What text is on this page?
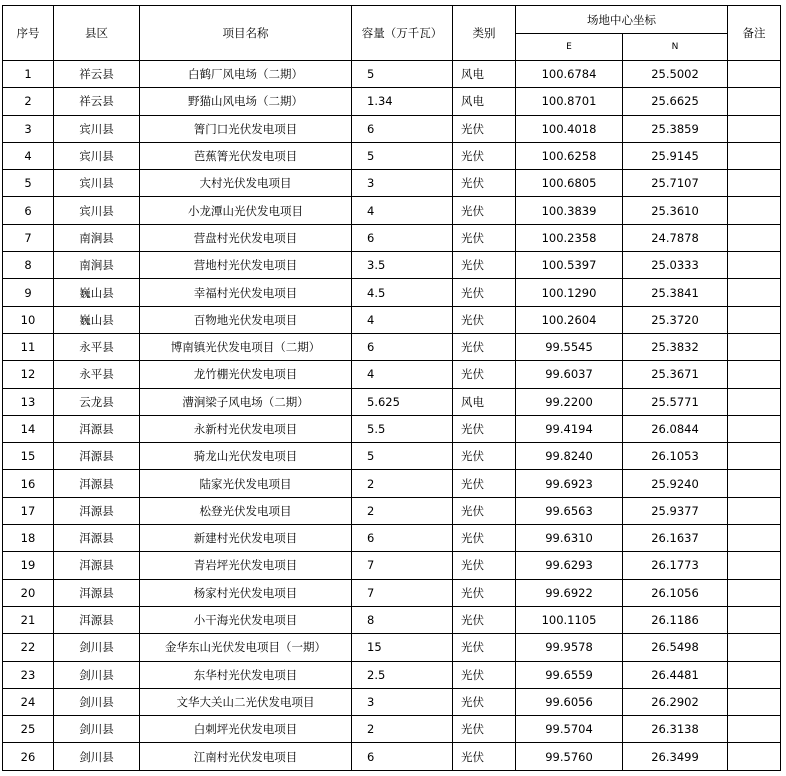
序号	县区	项目名称	容量（万千瓦）	类别	场地中心坐标		备注
					E	N	
1	祥云县	白鹤厂风电场（二期）	5	风电	100.6784	25.5002	
2	祥云县	野猫山风电场（二期）	1.34	风电	100.8701	25.6625	
3	宾川县	箐门口光伏发电项目	6	光伏	100.4018	25.3859	
4	宾川县	芭蕉箐光伏发电项目	5	光伏	100.6258	25.9145	
5	宾川县	大村光伏发电项目	3	光伏	100.6805	25.7107	
6	宾川县	小龙潭山光伏发电项目	4	光伏	100.3839	25.3610	
7	南涧县	营盘村光伏发电项目	6	光伏	100.2358	24.7878	
8	南涧县	营地村光伏发电项目	3.5	光伏	100.5397	25.0333	
9	巍山县	幸福村光伏发电项目	4.5	光伏	100.1290	25.3841	
10	巍山县	百物地光伏发电项目	4	光伏	100.2604	25.3720	
11	永平县	博南镇光伏发电项目（二期）	6	光伏	99.5545	25.3832	
12	永平县	龙竹棚光伏发电项目	4	光伏	99.6037	25.3671	
13	云龙县	漕涧梁子风电场（二期）	5.625	风电	99.2200	25.5771	
14	洱源县	永新村光伏发电项目	5.5	光伏	99.4194	26.0844	
15	洱源县	骑龙山光伏发电项目	5	光伏	99.8240	26.1053	
16	洱源县	陆家光伏发电项目	2	光伏	99.6923	25.9240	
17	洱源县	松登光伏发电项目	2	光伏	99.6563	25.9377	
18	洱源县	新建村光伏发电项目	6	光伏	99.6310	26.1637	
19	洱源县	青岩坪光伏发电项目	7	光伏	99.6293	26.1773	
20	洱源县	杨家村光伏发电项目	7	光伏	99.6922	26.1056	
21	洱源县	小干海光伏发电项目	8	光伏	100.1105	26.1186	
22	剑川县	金华东山光伏发电项目（一期）	15	光伏	99.9578	26.5498	
23	剑川县	东华村光伏发电项目	2.5	光伏	99.6559	26.4481	
24	剑川县	文华大关山二光伏发电项目	3	光伏	99.6056	26.2902	
25	剑川县	白刺坪光伏发电项目	2	光伏	99.5704	26.3138	
26	剑川县	江南村光伏发电项目	6	光伏	99.5760	26.3499	
